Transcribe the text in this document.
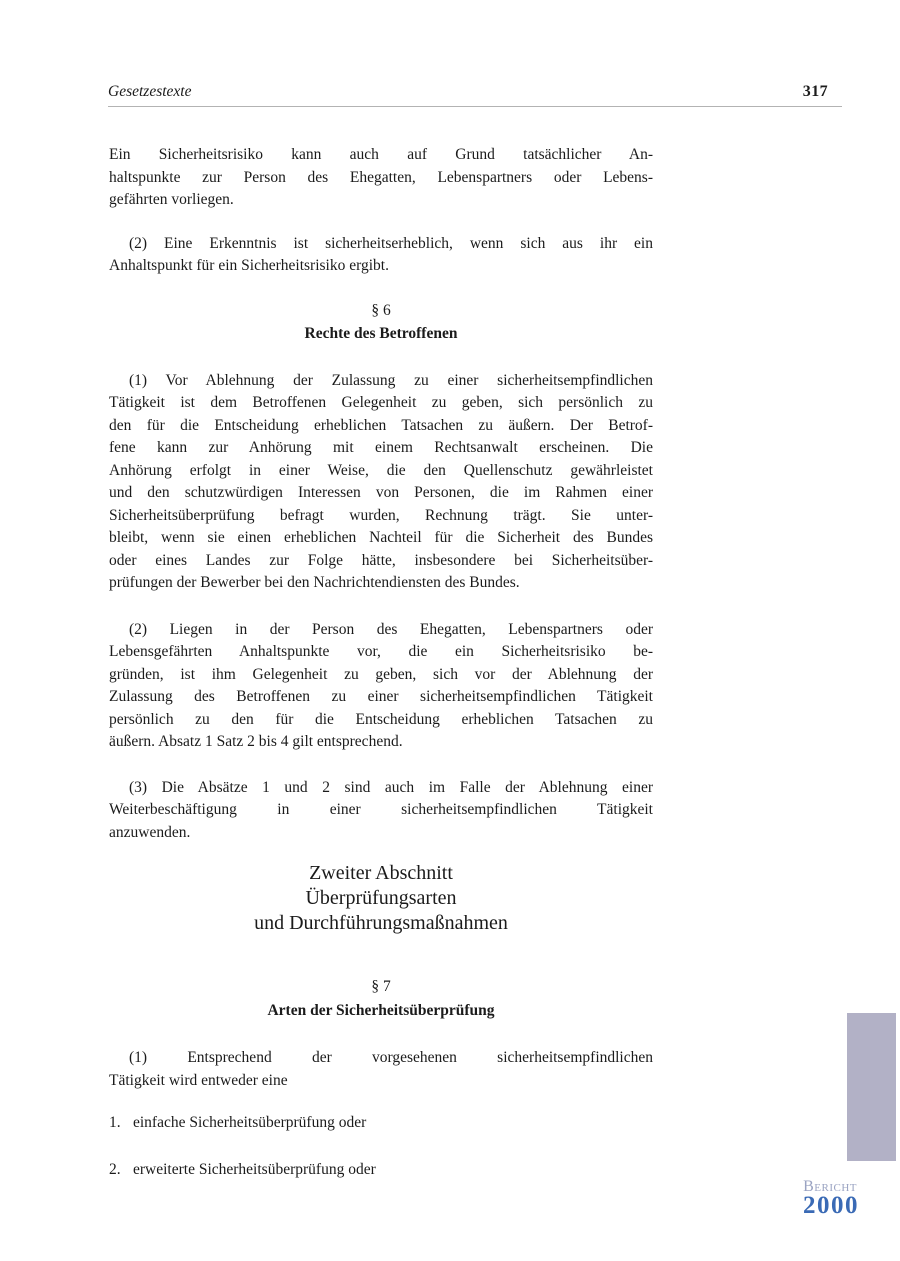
Gesetzestexte	317
Ein Sicherheitsrisiko kann auch auf Grund tatsächlicher An-
haltspunkte zur Person des Ehegatten, Lebenspartners oder Lebens-
gefährten vorliegen.
(2) Eine Erkenntnis ist sicherheitserheblich, wenn sich aus ihr ein
Anhaltspunkt für ein Sicherheitsrisiko ergibt.
§ 6
Rechte des Betroffenen
(1) Vor Ablehnung der Zulassung zu einer sicherheitsempfindlichen
Tätigkeit ist dem Betroffenen Gelegenheit zu geben, sich persönlich zu
den für die Entscheidung erheblichen Tatsachen zu äußern. Der Betrof-
fene kann zur Anhörung mit einem Rechtsanwalt erscheinen. Die
Anhörung erfolgt in einer Weise, die den Quellenschutz gewährleistet
und den schutzwürdigen Interessen von Personen, die im Rahmen einer
Sicherheitsüberprüfung befragt wurden, Rechnung trägt. Sie unter-
bleibt, wenn sie einen erheblichen Nachteil für die Sicherheit des Bundes
oder eines Landes zur Folge hätte, insbesondere bei Sicherheitsüber-
prüfungen der Bewerber bei den Nachrichtendiensten des Bundes.
(2) Liegen in der Person des Ehegatten, Lebenspartners oder
Lebensgefährten Anhaltspunkte vor, die ein Sicherheitsrisiko be-
gründen, ist ihm Gelegenheit zu geben, sich vor der Ablehnung der
Zulassung des Betroffenen zu einer sicherheitsempfindlichen Tätigkeit
persönlich zu den für die Entscheidung erheblichen Tatsachen zu
äußern. Absatz 1 Satz 2 bis 4 gilt entsprechend.
(3) Die Absätze 1 und 2 sind auch im Falle der Ablehnung einer
Weiterbeschäftigung in einer sicherheitsempfindlichen Tätigkeit
anzuwenden.
Zweiter Abschnitt
Überprüfungsarten
und Durchführungsmaßnahmen
§ 7
Arten der Sicherheitsüberprüfung
(1) Entsprechend der vorgesehenen sicherheitsempfindlichen
Tätigkeit wird entweder eine
1. einfache Sicherheitsüberprüfung oder
2. erweiterte Sicherheitsüberprüfung oder
Bericht
2000
